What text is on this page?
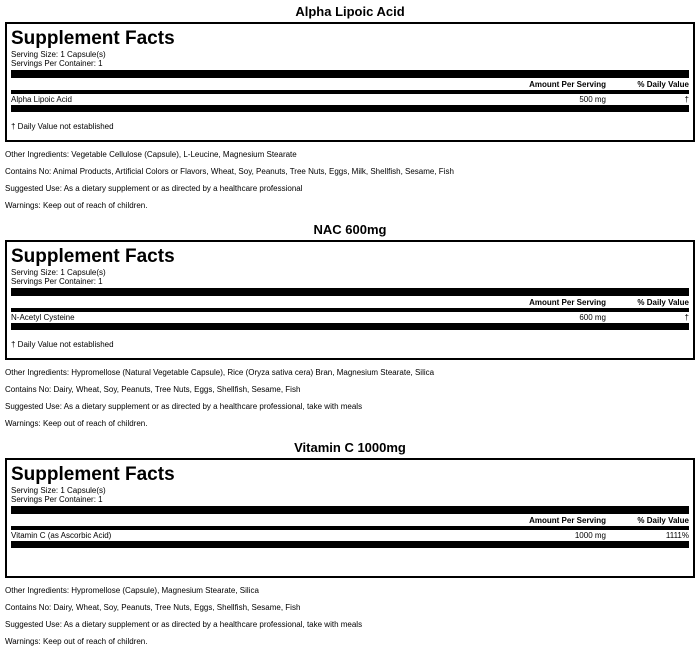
Alpha Lipoic Acid
Supplement Facts
Serving Size: 1 Capsule(s)
Servings Per Container: 1
Amount Per Serving	% Daily Value
Alpha Lipoic Acid	500 mg	†
† Daily Value not established

Other Ingredients: Vegetable Cellulose (Capsule), L-Leucine, Magnesium Stearate

Contains No: Animal Products, Artificial Colors or Flavors, Wheat, Soy, Peanuts, Tree Nuts, Eggs, Milk, Shellfish, Sesame, Fish

Suggested Use: As a dietary supplement or as directed by a healthcare professional

Warnings: Keep out of reach of children.

NAC 600mg
Supplement Facts
Serving Size: 1 Capsule(s)
Servings Per Container: 1
Amount Per Serving	% Daily Value
N-Acetyl Cysteine	600 mg	†
† Daily Value not established

Other Ingredients: Hypromellose (Natural Vegetable Capsule), Rice (Oryza sativa cera) Bran, Magnesium Stearate, Silica

Contains No: Dairy, Wheat, Soy, Peanuts, Tree Nuts, Eggs, Shellfish, Sesame, Fish

Suggested Use: As a dietary supplement or as directed by a healthcare professional, take with meals

Warnings: Keep out of reach of children.

Vitamin C 1000mg
Supplement Facts
Serving Size: 1 Capsule(s)
Servings Per Container: 1
Amount Per Serving	% Daily Value
Vitamin C (as Ascorbic Acid)	1000 mg	1111%

Other Ingredients: Hypromellose (Capsule), Magnesium Stearate, Silica

Contains No: Dairy, Wheat, Soy, Peanuts, Tree Nuts, Eggs, Shellfish, Sesame, Fish

Suggested Use: As a dietary supplement or as directed by a healthcare professional, take with meals

Warnings: Keep out of reach of children.
